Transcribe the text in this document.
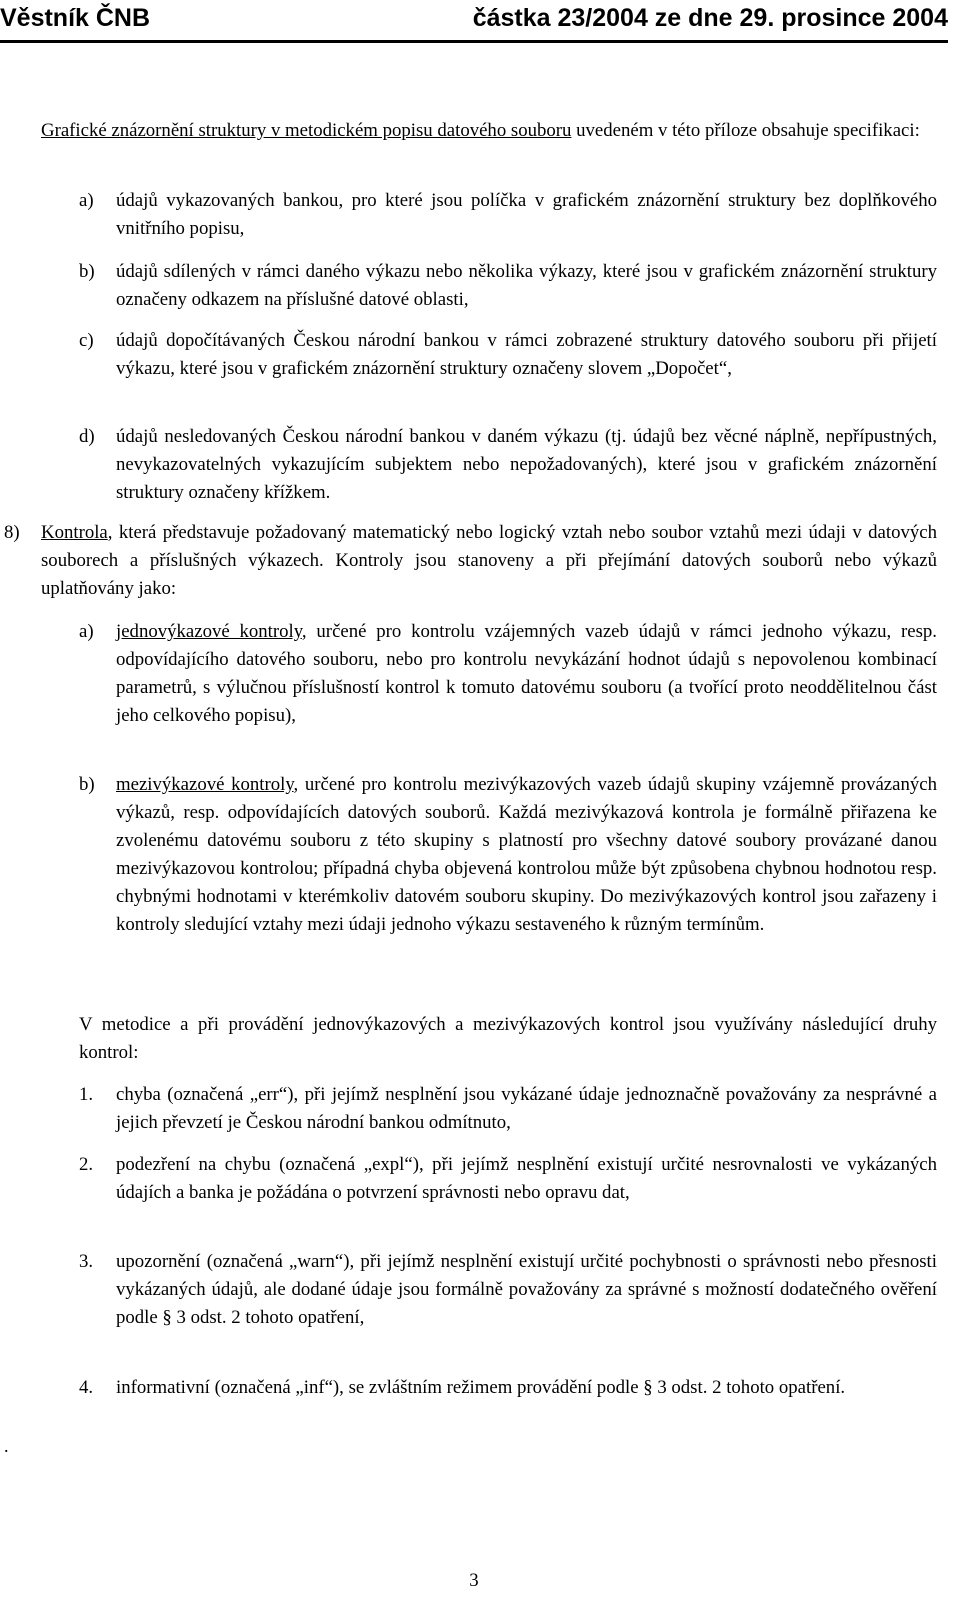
Věstník ČNB	částka 23/2004 ze dne 29. prosince 2004

Grafické znázornění struktury v metodickém popisu datového souboru uvedeném v této příloze obsahuje specifikaci:

a) údajů vykazovaných bankou, pro které jsou políčka v grafickém znázornění struktury bez doplňkového vnitřního popisu,

b) údajů sdílených v rámci daného výkazu nebo několika výkazy, které jsou v grafickém znázornění struktury označeny odkazem na příslušné datové oblasti,

c) údajů dopočítávaných Českou národní bankou v rámci zobrazené struktury datového souboru při přijetí výkazu, které jsou v grafickém znázornění struktury označeny slovem „Dopočet“,

d) údajů nesledovaných Českou národní bankou v daném výkazu (tj. údajů bez věcné náplně, nepřípustných, nevykazovatelných vykazujícím subjektem nebo nepožadovaných), které jsou v grafickém znázornění struktury označeny křížkem.

8) Kontrola, která představuje požadovaný matematický nebo logický vztah nebo soubor vztahů mezi údaji v datových souborech a příslušných výkazech. Kontroly jsou stanoveny a při přejímání datových souborů nebo výkazů uplatňovány jako:

a) jednovýkazové kontroly, určené pro kontrolu vzájemných vazeb údajů v rámci jednoho výkazu, resp. odpovídajícího datového souboru, nebo pro kontrolu nevykázání hodnot údajů s nepovolenou kombinací parametrů, s výlučnou příslušností kontrol k tomuto datovému souboru (a tvořící proto neoddělitelnou část jeho celkového popisu),

b) mezivýkazové kontroly, určené pro kontrolu mezivýkazových vazeb údajů skupiny vzájemně provázaných výkazů, resp. odpovídajících datových souborů. Každá mezivýkazová kontrola je formálně přiřazena ke zvolenému datovému souboru z této skupiny s platností pro všechny datové soubory provázané danou mezivýkazovou kontrolou; případná chyba objevená kontrolou může být způsobena chybnou hodnotou resp. chybnými hodnotami v kterémkoliv datovém souboru skupiny. Do mezivýkazových kontrol jsou zařazeny i kontroly sledující vztahy mezi údaji jednoho výkazu sestaveného k různým termínům.

V metodice a při provádění jednovýkazových a mezivýkazových kontrol jsou využívány následující druhy kontrol:

1. chyba (označená „err“), při jejímž nesplnění jsou vykázané údaje jednoznačně považovány za nesprávné a jejich převzetí je Českou národní bankou odmítnuto,

2. podezření na chybu (označená „expl“), při jejímž nesplnění existují určité nesrovnalosti ve vykázaných údajích a banka je požádána o potvrzení správnosti nebo opravu dat,

3. upozornění (označená „warn“), při jejímž nesplnění existují určité pochybnosti o správnosti nebo přesnosti vykázaných údajů, ale dodané údaje jsou formálně považovány za správné s možností dodatečného ověření podle § 3 odst. 2 tohoto opatření,

4. informativní (označená „inf“), se zvláštním režimem provádění podle § 3 odst. 2 tohoto opatření.

.
3
